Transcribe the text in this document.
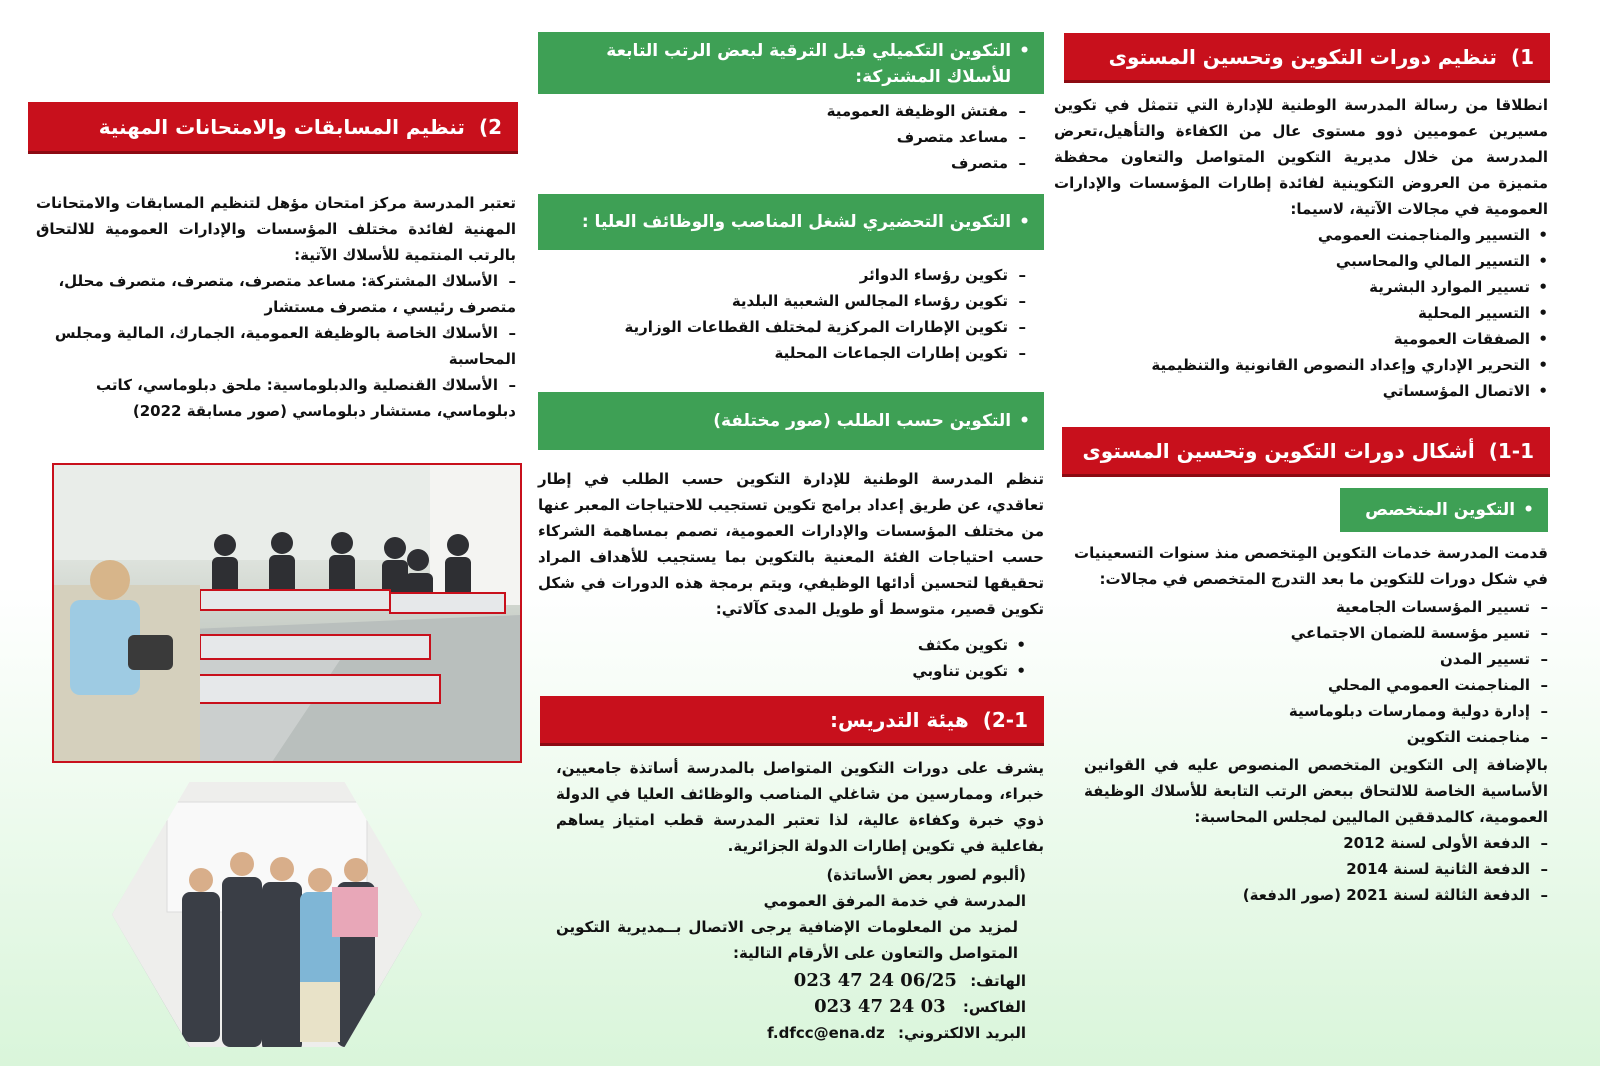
1)
تنظيم دورات التكوين وتحسين المستوى

انطلاقا من رسالة المدرسة الوطنية للإدارة التي تتمثل في تكوين مسيرين عموميين ذوو مستوى عال من الكفاءة والتأهيل،تعرض المدرسة من خلال مديرية التكوين المتواصل والتعاون محفظة متميزة من العروض التكوينية لفائدة إطارات المؤسسات والإدارات العمومية في مجالات الآتية، لاسيما:

•التسيير والمناجمنت العمومي
•التسيير المالي والمحاسبي
•تسيير الموارد البشرية
•التسيير المحلية
•الصفقات العمومية
•التحرير الإداري وإعداد النصوص القانونية والتنظيمية
•الاتصال المؤسساتي
1-1)
أشكال دورات التكوين وتحسين المستوى
•
التكوين المتخصص

قدمت المدرسة خدمات التكوين المِتخصص منذ سنوات التسعينيات في شكل دورات للتكوين ما بعد التدرج المتخصص في مجالات:

–تسيير المؤسسات الجامعية
–تسير مؤسسة للضمان الاجتماعي
–تسيير المدن
–المناجمنت العمومي المحلي
–إدارة دولية وممارسات دبلوماسية
–مناجمنت التكوين

بالإضافة إلى التكوين المتخصص المنصوص عليه في القوانين الأساسية الخاصة للالتحاق ببعض الرتب التابعة للأسلاك الوظيفة العمومية، كالمدققين الماليين لمجلس المحاسبة:

–الدفعة الأولى لسنة 2012
–الدفعة الثانية لسنة 2014
–الدفعة الثالثة لسنة 2021 (صور الدفعة)
•
التكوين التكميلي قبل الترقية لبعض الرتب التابعة للأسلاك المشتركة:
–مفتش الوظيفة العمومية
–مساعد متصرف
–متصرف
•
التكوين التحضيري لشغل المناصب والوظائف العليا :
–تكوين رؤساء الدوائر
–تكوين رؤساء المجالس الشعبية البلدية
–تكوين الإطارات المركزية لمختلف القطاعات الوزارية
–تكوين إطارات الجماعات المحلية
•
التكوين حسب الطلب (صور مختلفة)

تنظم المدرسة الوطنية للإدارة التكوين حسب الطلب في إطار تعاقدي، عن طريق إعداد برامج تكوين تستجيب للاحتياجات المعبر عنها من مختلف المؤسسات والإدارات العمومية، تصمم بمساهمة الشركاء حسب احتياجات الفئة المعنية بالتكوين بما يستجيب للأهداف المراد تحقيقها لتحسين أدائها الوظيفي، ويتم برمجة هذه الدورات في شكل تكوين قصير، متوسط أو طويل المدى كآلاتي:

•تكوين مكثف
•تكوين تناوبي
2-1)
هيئة التدريس:

يشرف على دورات التكوين المتواصل بالمدرسة أساتذة جامعيين، خبراء، وممارسين من شاغلي المناصب والوظائف العليا في الدولة ذوي خبرة وكفاءة عالية، لذا تعتبر المدرسة قطب امتياز يساهم بفاعلية في تكوين إطارات الدولة الجزائرية.

(ألبوم لصور بعض الأساتذة)

المدرسة في خدمة المرفق العمومي

لمزيد من المعلومات الإضافية يرجى الاتصال بــمديرية التكوين المتواصل والتعاون على الأرقام التالية:

الهاتف: 023 47 24 06/25
الفاكس: 023 47 24 03
البريد الالكتروني: f.dfcc@ena.dz
2)
تنظيم المسابقات والامتحانات المهنية

تعتبر المدرسة مركز امتحان مؤهل لتنظيم المسابقات والامتحانات المهنية لفائدة مختلف المؤسسات والإدارات العمومية للالتحاق بالرتب المنتمية للأسلاك الآتية:

–الأسلاك المشتركة: مساعد متصرف، متصرف، متصرف محلل، متصرف رئيسي ، متصرف مستشار
–الأسلاك الخاصة بالوظيفة العمومية، الجمارك، المالية ومجلس المحاسبة
–الأسلاك القنصلية والدبلوماسية: ملحق دبلوماسي، كاتب دبلوماسي، مستشار دبلوماسي (صور مسابقة 2022)
